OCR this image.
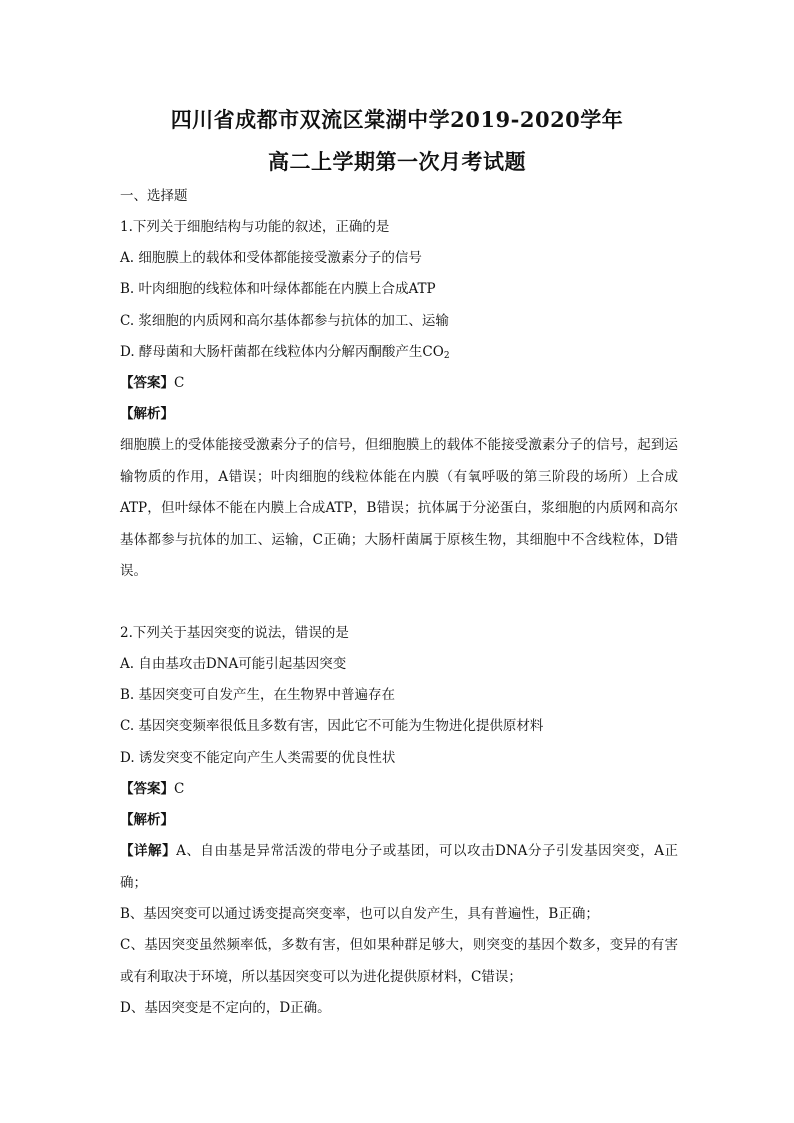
四川省成都市双流区棠湖中学2019-2020学年
高二上学期第一次月考试题
一、选择题
1.下列关于细胞结构与功能的叙述，正确的是
A. 细胞膜上的载体和受体都能接受激素分子的信号
B. 叶肉细胞的线粒体和叶绿体都能在内膜上合成ATP
C. 浆细胞的内质网和高尔基体都参与抗体的加工、运输
D. 酵母菌和大肠杆菌都在线粒体内分解丙酮酸产生$CO_2$
【答案】C
【解析】
细胞膜上的受体能接受激素分子的信号，但细胞膜上的载体不能接受激素分子的信号，起到运输物质的作用，A错误；叶肉细胞的线粒体能在内膜（有氧呼吸的第三阶段的场所）上合成ATP，但叶绿体不能在内膜上合成ATP，B错误；抗体属于分泌蛋白，浆细胞的内质网和高尔基体都参与抗体的加工、运输，C正确；大肠杆菌属于原核生物，其细胞中不含线粒体，D错误。
2.下列关于基因突变的说法，错误的是
A. 自由基攻击DNA可能引起基因突变
B. 基因突变可自发产生，在生物界中普遍存在
C. 基因突变频率很低且多数有害，因此它不可能为生物进化提供原材料
D. 诱发突变不能定向产生人类需要的优良性状
【答案】C
【解析】
【详解】A、自由基是异常活泼的带电分子或基团，可以攻击DNA分子引发基因突变，A正确；
B、基因突变可以通过诱变提高突变率，也可以自发产生，具有普遍性，B正确；
C、基因突变虽然频率低，多数有害，但如果种群足够大，则突变的基因个数多，变异的有害或有利取决于环境，所以基因突变可以为进化提供原材料，C错误；
D、基因突变是不定向的，D正确。
